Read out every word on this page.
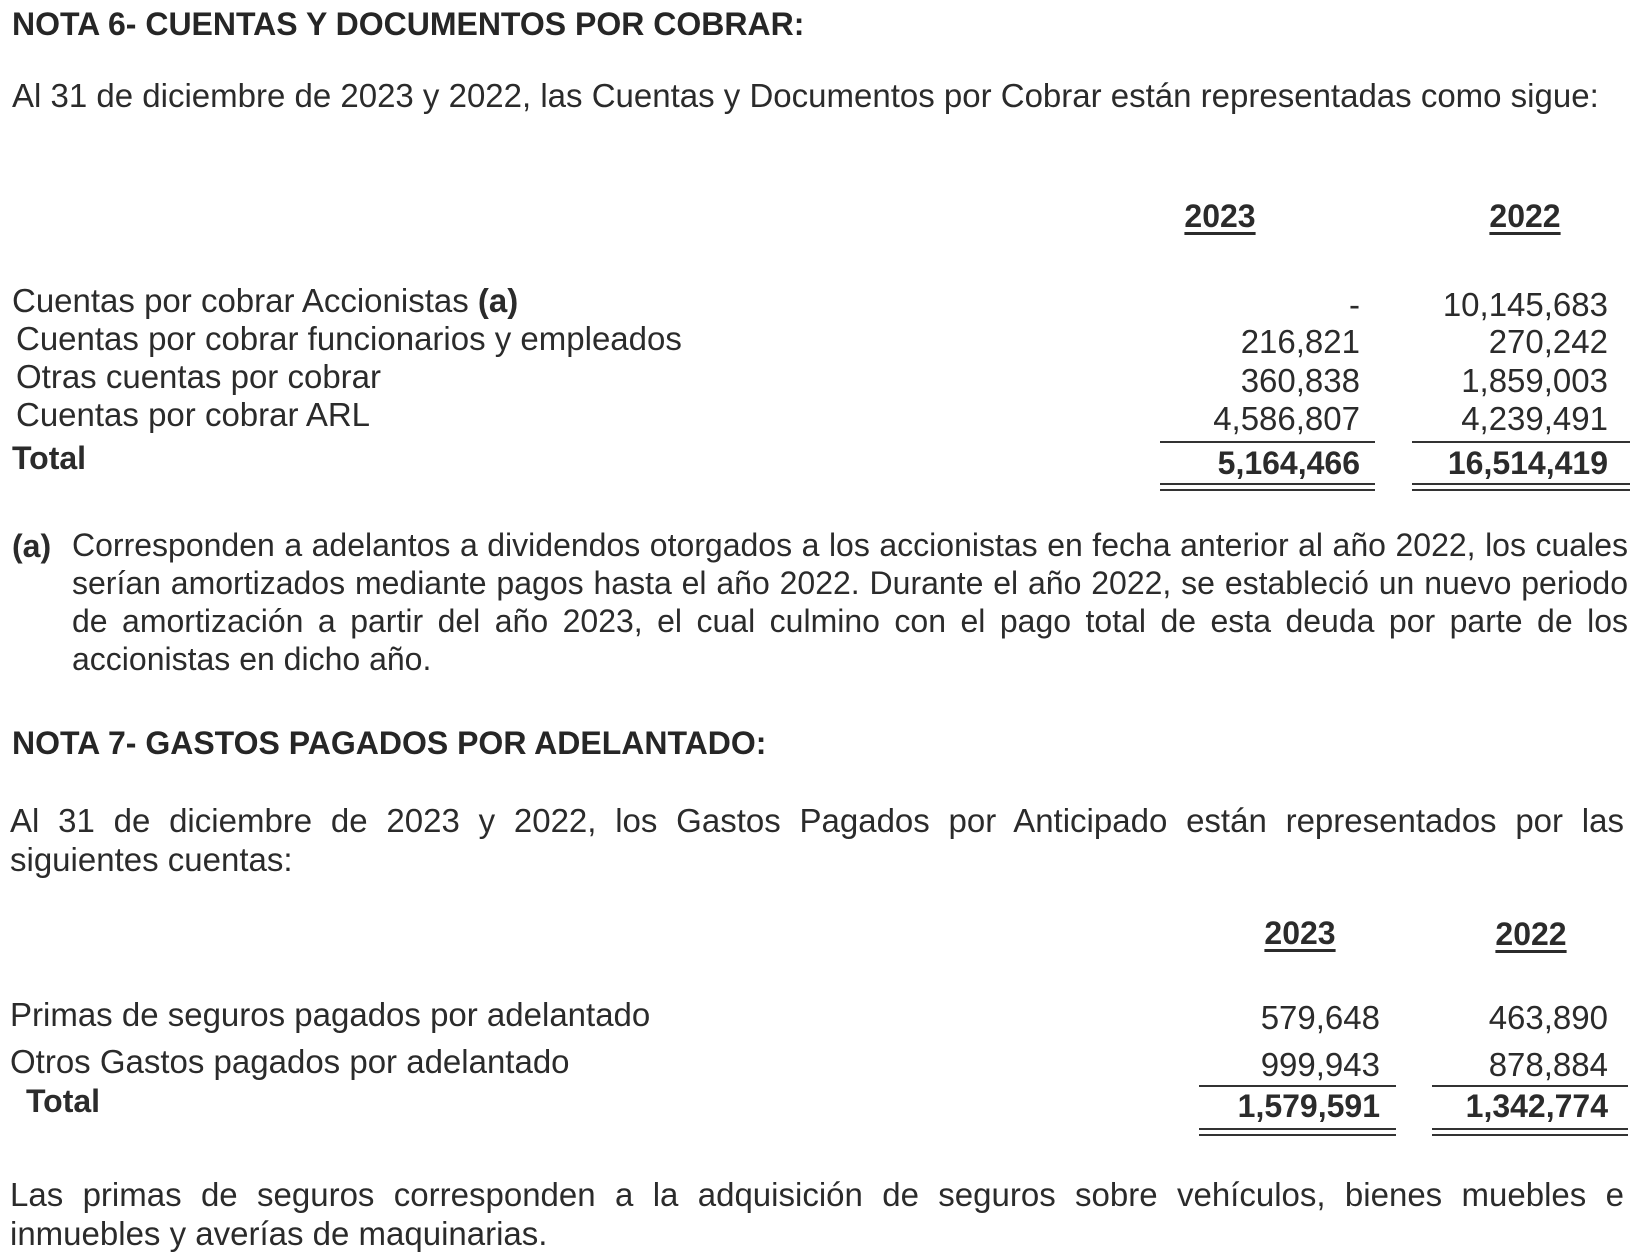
NOTA 6- CUENTAS Y DOCUMENTOS POR COBRAR:
Al 31 de diciembre de 2023 y 2022, las Cuentas y Documentos por Cobrar están representadas como sigue:
2023	2022
Cuentas por cobrar Accionistas (a)	-	10,145,683
Cuentas por cobrar funcionarios y empleados	216,821	270,242
Otras cuentas por cobrar	360,838	1,859,003
Cuentas por cobrar ARL	4,586,807	4,239,491
Total	5,164,466	16,514,419
(a) Corresponden a adelantos a dividendos otorgados a los accionistas en fecha anterior al año 2022, los cuales serían amortizados mediante pagos hasta el año 2022. Durante el año 2022, se estableció un nuevo periodo de amortización a partir del año 2023, el cual culmino con el pago total de esta deuda por parte de los accionistas en dicho año.
NOTA 7- GASTOS PAGADOS POR ADELANTADO:
Al 31 de diciembre de 2023 y 2022, los Gastos Pagados por Anticipado están representados por las siguientes cuentas:
2023	2022
Primas de seguros pagados por adelantado	579,648	463,890
Otros Gastos pagados por adelantado	999,943	878,884
Total	1,579,591	1,342,774
Las primas de seguros corresponden a la adquisición de seguros sobre vehículos, bienes muebles e inmuebles y averías de maquinarias.
